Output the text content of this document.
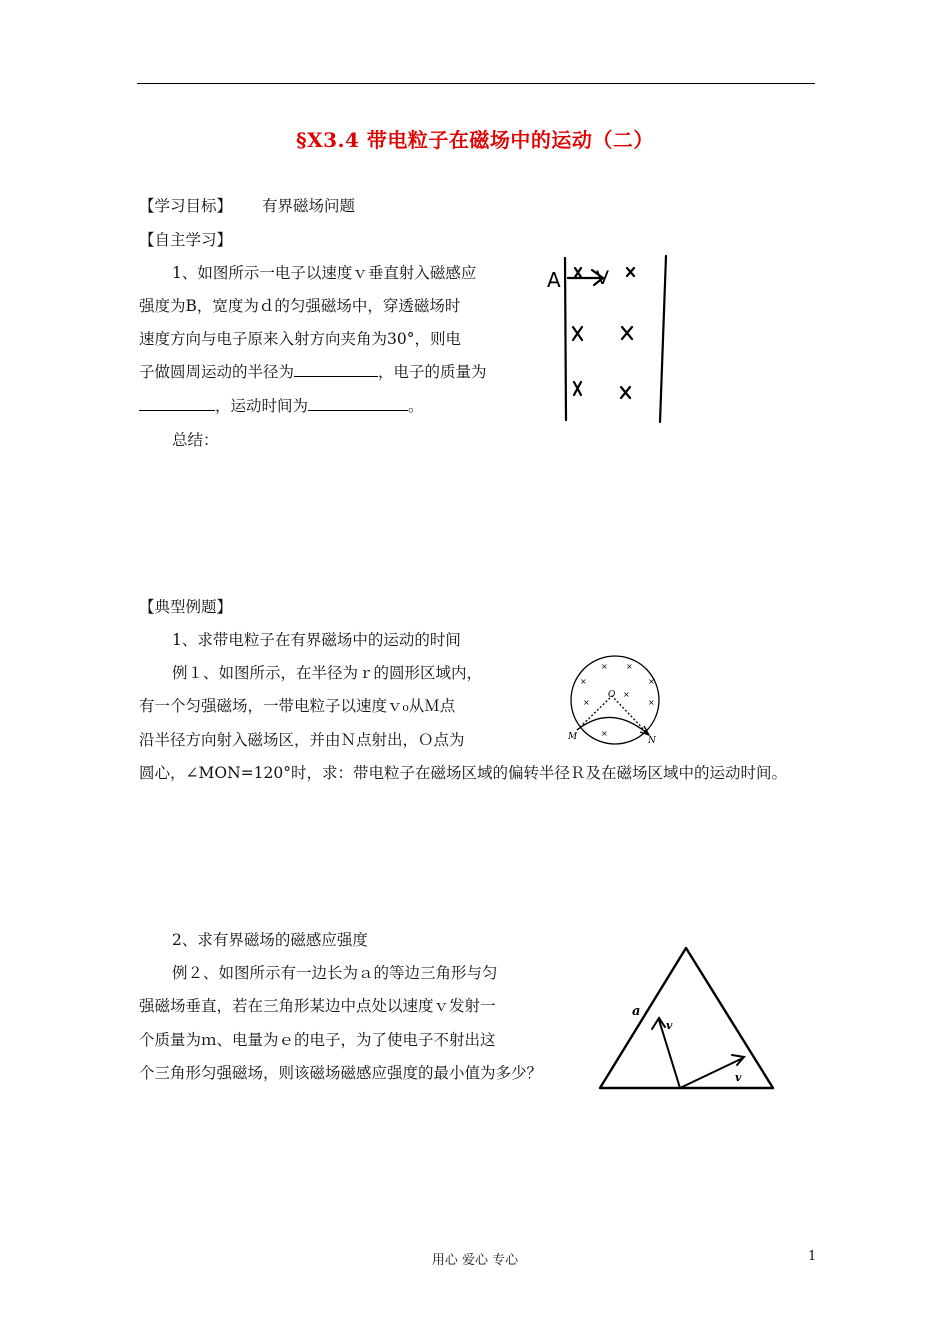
§X3.4 带电粒子在磁场中的运动（二）
【学习目标】 有界磁场问题
【自主学习】
1、如图所示一电子以速度ｖ垂直射入磁感应
强度为B，宽度为ｄ的匀强磁场中，穿透磁场时
速度方向与电子原来入射方向夹角为30°，则电
子做圆周运动的半径为	，电子的质量为
，运动时间为	。
总结：
A V
【典型例题】
1、求带电粒子在有界磁场中的运动的时间
例１、如图所示，在半径为ｒ的圆形区域内，
有一个匀强磁场，一带电粒子以速度ｖ₀从Ｍ点
沿半径方向射入磁场区，并由Ｎ点射出，Ｏ点为
圆心，∠MON=120°时，求：带电粒子在磁场区域的偏转半径Ｒ及在磁场区域中的运动时间。
× ×
×	×
×
×	×
×
O
M	N
2、求有界磁场的磁感应强度
例２、如图所示有一边长为ａ的等边三角形与匀
强磁场垂直，若在三角形某边中点处以速度ｖ发射一
个质量为ｍ、电量为ｅ的电子，为了使电子不射出这
个三角形匀强磁场，则该磁场磁感应强度的最小值为多少？
a
v
v
用心 爱心 专心	1
